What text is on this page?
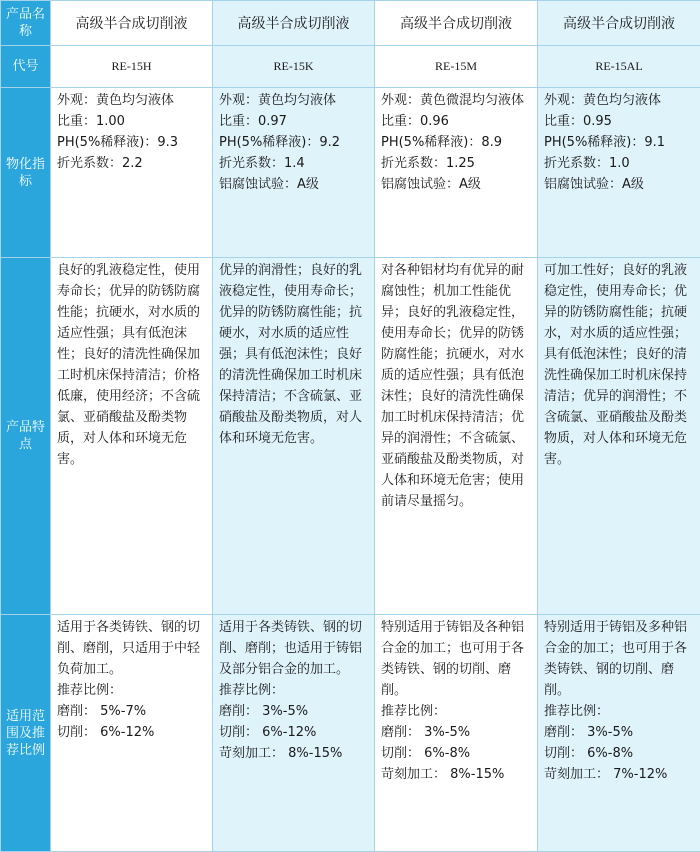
产品名称	高级半合成切削液	高级半合成切削液	高级半合成切削液	高级半合成切削液
代号	RE-15H	RE-15K	RE-15M	RE-15AL
物化指标	外观：黄色均匀液体
比重：1.00
PH(5%稀释液)：9.3
折光系数：2.2	外观：黄色均匀液体
比重：0.97
PH(5%稀释液)：9.2
折光系数：1.4
铝腐蚀试验：A级	外观：黄色微混均匀液体
比重：0.96
PH(5%稀释液)：8.9
折光系数：1.25
铝腐蚀试验：A级	外观：黄色均匀液体
比重：0.95
PH(5%稀释液)：9.1
折光系数：1.0
铝腐蚀试验：A级

产品特点	良好的乳液稳定性，使用寿命长；优异的防锈防腐性能；抗硬水，对水质的适应性强；具有低泡沫性；良好的清洗性确保加工时机床保持清洁；价格低廉，使用经济；不含硫氯、亚硝酸盐及酚类物质，对人体和环境无危害。	优异的润滑性；良好的乳液稳定性，使用寿命长；优异的防锈防腐性能；抗硬水，对水质的适应性强；具有低泡沫性；良好的清洗性确保加工时机床保持清洁；不含硫氯、亚硝酸盐及酚类物质，对人体和环境无危害。	对各种铝材均有优异的耐腐蚀性；机加工性能优异；良好的乳液稳定性，使用寿命长；优异的防锈防腐性能；抗硬水，对水质的适应性强；具有低泡沫性；良好的清洗性确保加工时机床保持清洁；优异的润滑性；不含硫氯、亚硝酸盐及酚类物质，对人体和环境无危害；使用前请尽量摇匀。	可加工性好；良好的乳液稳定性，使用寿命长；优异的防锈防腐性能；抗硬水，对水质的适应性强；具有低泡沫性；良好的清洗性确保加工时机床保持清洁；优异的润滑性；不含硫氯、亚硝酸盐及酚类物质，对人体和环境无危害。
适用范围及推荐比例	适用于各类铸铁、钢的切削、磨削，只适用于中轻负荷加工。
推荐比例：
磨削： 5%-7%
切削： 6%-12%	适用于各类铸铁、钢的切削、磨削；也适用于铸铝及部分铝合金的加工。
推荐比例：
磨削： 3%-5%
切削： 6%-12%
苛刻加工： 8%-15%	特别适用于铸铝及各种铝合金的加工；也可用于各类铸铁、钢的切削、磨削。
推荐比例：
磨削： 3%-5%
切削： 6%-8%
苛刻加工： 8%-15%	特别适用于铸铝及多种铝合金的加工；也可用于各类铸铁、钢的切削、磨削。
推荐比例：
磨削： 3%-5%
切削： 6%-8%
苛刻加工： 7%-12%
